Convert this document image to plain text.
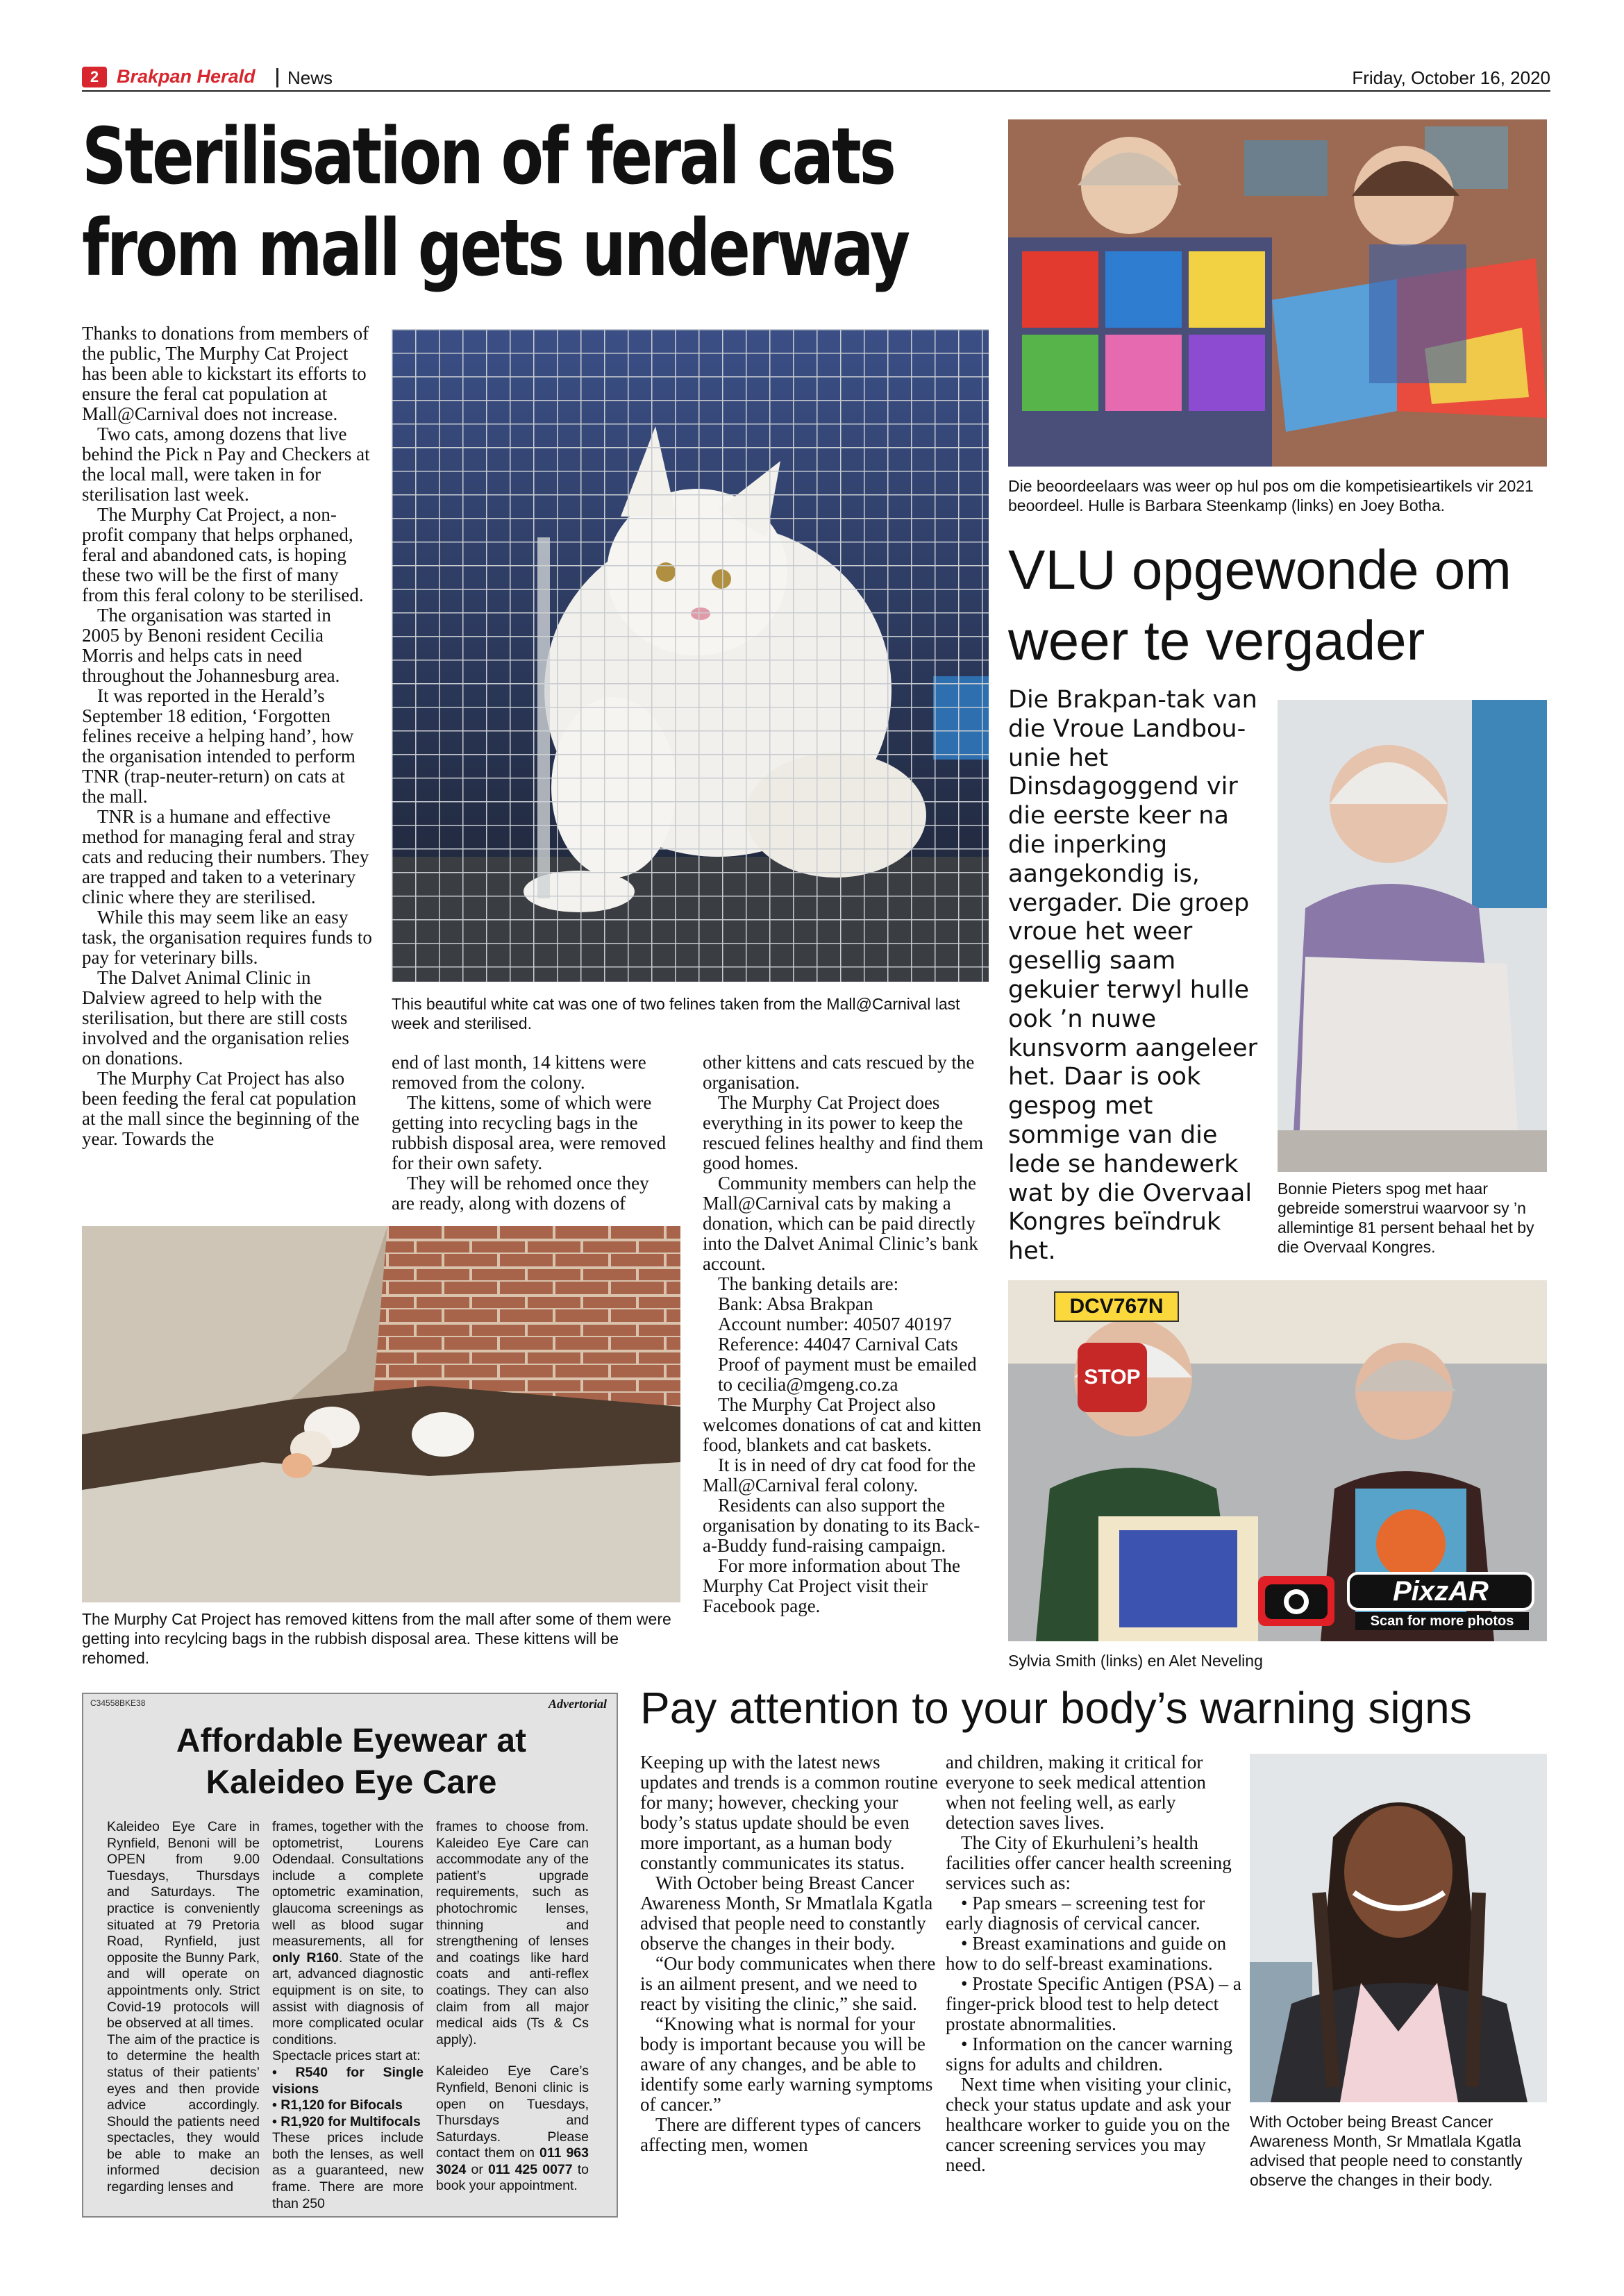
2 Brakpan Herald News	Friday, October 16, 2020
Sterilisation of feral cats
from mall gets underway

Thanks to donations from members of the public, The Murphy Cat Project has been able to kickstart its efforts to ensure the feral cat population at Mall@Carnival does not increase.

Two cats, among dozens that live behind the Pick n Pay and Checkers at the local mall, were taken in for sterilisation last week.

The Murphy Cat Project, a non-profit company that helps orphaned, feral and abandoned cats, is hoping these two will be the first of many from this feral colony to be sterilised.

The organisation was started in 2005 by Benoni resident Cecilia Morris and helps cats in need throughout the Johannesburg area.

It was reported in the Herald’s September 18 edition, ‘Forgotten felines receive a helping hand’, how the organisation intended to perform TNR (trap-neuter-return) on cats at the mall.

TNR is a humane and effective method for managing feral and stray cats and reducing their numbers. They are trapped and taken to a veterinary clinic where they are sterilised.

While this may seem like an easy task, the organisation requires funds to pay for veterinary bills.

The Dalvet Animal Clinic in Dalview agreed to help with the sterilisation, but there are still costs involved and the organisation relies on donations.

The Murphy Cat Project has also been feeding the feral cat population at the mall since the beginning of the year. Towards the

This beautiful white cat was one of two felines taken from the Mall@Carnival last week and sterilised.

end of last month, 14 kittens were removed from the colony.

The kittens, some of which were getting into recycling bags in the rubbish disposal area, were removed for their own safety.

They will be rehomed once they are ready, along with dozens of

other kittens and cats rescued by the organisation.

The Murphy Cat Project does everything in its power to keep the rescued felines healthy and find them good homes.

Community members can help the Mall@Carnival cats by making a donation, which can be paid directly into the Dalvet Animal Clinic’s bank account.

The banking details are:

Bank: Absa Brakpan

Account number: 40507 40197

Reference: 44047 Carnival Cats

Proof of payment must be emailed to cecilia@mgeng.co.za

The Murphy Cat Project also welcomes donations of cat and kitten food, blankets and cat baskets.

It is in need of dry cat food for the Mall@Carnival feral colony.

Residents can also support the organisation by donating to its Back-a-Buddy fund-raising campaign.

For more information about The Murphy Cat Project visit their Facebook page.

The Murphy Cat Project has removed kittens from the mall after some of them were getting into recylcing bags in the rubbish disposal area. These kittens will be rehomed.
Die beoordeelaars was weer op hul pos om die kompetisieartikels vir 2021 beoordeel. Hulle is Barbara Steenkamp (links) en Joey Botha.
VLU opgewonde om
weer te vergader
Die Brakpan-tak van die Vroue Landbou-unie het Dinsdagoggend vir die eerste keer na die inperking aangekondig is, vergader. Die groep vroue het weer gesellig saam gekuier terwyl hulle ook ’n nuwe kunsvorm aangeleer het. Daar is ook gespog met sommige van die lede se handewerk wat by die Overvaal Kongres beïndruk het.
Bonnie Pieters spog met haar gebreide somerstrui waarvoor sy ’n allemintige 81 persent behaal het by die Overvaal Kongres.
DCV767N
STOP
PixzAR
Scan for more photos
Sylvia Smith (links) en Alet Neveling
C34558BKE38	Advertorial
Affordable Eyewear at
Kaleideo Eye Care

Kaleideo Eye Care in Rynfield, Benoni will be OPEN from 9.00 Tuesdays, Thursdays and Saturdays. The practice is conveniently situated at 79 Pretoria Road, Rynfield, just opposite the Bunny Park, and will operate on appointments only. Strict Covid-19 protocols will be observed at all times.

The aim of the practice is to determine the health status of their patients’ eyes and then provide advice accordingly. Should the patients need spectacles, they would be able to make an informed decision regarding lenses and

frames, together with the optometrist, Lourens Odendaal. Consultations include a complete optometric examination, glaucoma screenings as well as blood sugar measurements, all for only R160. State of the art, advanced diagnostic equipment is on site, to assist with diagnosis of more complicated ocular conditions.

Spectacle prices start at:

• R540 for Single visions

• R1,120 for Bifocals

• R1,920 for Multifocals

These prices include both the lenses, as well as a guaranteed, new frame. There are more than 250

frames to choose from. Kaleideo Eye Care can accommodate any of the patient’s upgrade requirements, such as photochromic lenses, thinning and strengthening of lenses and coatings like hard coats and anti-reflex coatings. They can also claim from all major medical aids (Ts & Cs apply).

Kaleideo Eye Care’s Rynfield, Benoni clinic is open on Tuesdays, Thursdays and Saturdays. Please contact them on 011 963 3024 or 011 425 0077 to book your appointment.

Pay attention to your body’s warning signs

Keeping up with the latest news updates and trends is a common routine for many; however, checking your body’s status update should be even more important, as a human body constantly communicates its status.

With October being Breast Cancer Awareness Month, Sr Mmatlala Kgatla advised that people need to constantly observe the changes in their body.

“Our body communicates when there is an ailment present, and we need to react by visiting the clinic,” she said.

“Knowing what is normal for your body is important because you will be aware of any changes, and be able to identify some early warning symptoms of cancer.”

There are different types of cancers affecting men, women

and children, making it critical for everyone to seek medical attention when not feeling well, as early detection saves lives.

The City of Ekurhuleni’s health facilities offer cancer health screening services such as:

• Pap smears – screening test for early diagnosis of cervical cancer.

• Breast examinations and guide on how to do self-breast examinations.

• Prostate Specific Antigen (PSA) – a finger-prick blood test to help detect prostate abnormalities.

• Information on the cancer warning signs for adults and children.

Next time when visiting your clinic, check your status update and ask your healthcare worker to guide you on the cancer screening services you may need.

With October being Breast Cancer Awareness Month, Sr Mmatlala Kgatla advised that people need to constantly observe the changes in their body.
